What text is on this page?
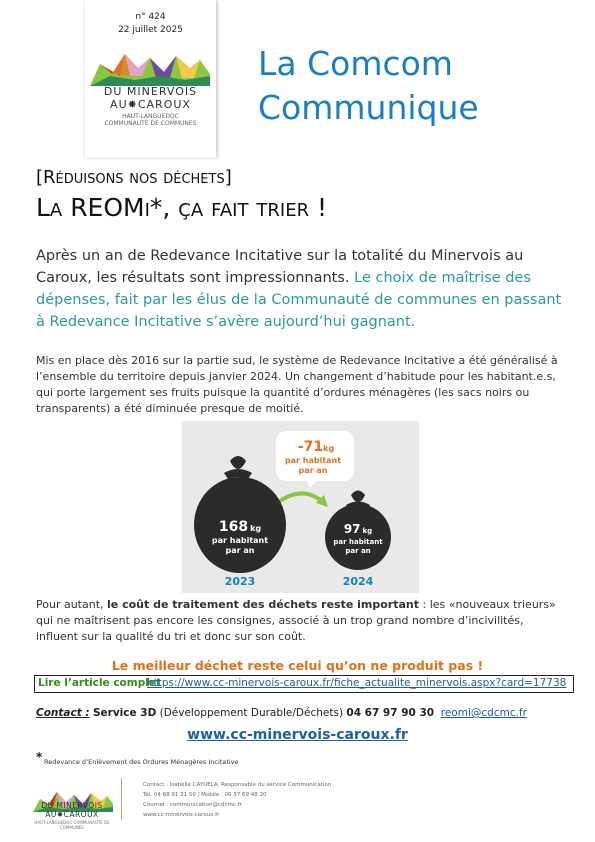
n° 424
22 juillet 2025
DU MINERVOIS
AU✸CAROUX
HAUT-LANGUEDOC
COMMUNAUTÉ DE COMMUNES
La Comcom
Communique
[Réduisons nos déchets]
La REOMi*, ça fait trier !
Après un an de Redevance Incitative sur la totalité du Minervois au Caroux, les résultats sont impressionnants. Le choix de maîtrise des dépenses, fait par les élus de la Communauté de communes en passant à Redevance Incitative s’avère aujourd’hui gagnant.
Mis en place dès 2016 sur la partie sud, le système de Redevance Incitative a été généralisé à l’ensemble du territoire depuis janvier 2024. Un changement d’habitude pour les habitant.e.s, qui porte largement ses fruits puisque la quantité d’ordures ménagères (les sacs noirs ou transparents) a été diminuée presque de moitié.
-71kg
par habitant
par an
168 kg
par habitant
par an
97 kg
par habitant
par an
2023	2024
Pour autant, le coût de traitement des déchets reste important : les «nouveaux trieurs» qui ne maîtrisent pas encore les consignes, associé à un trop grand nombre d’incivilités, influent sur la qualité du tri et donc sur son coût.
Le meilleur déchet reste celui qu’on ne produit pas !
Lire l’article complet
https://www.cc-minervois-caroux.fr/fiche_actualite_minervois.aspx?card=17738
Contact : Service 3D (Développement Durable/Déchets) 04 67 97 90 30 reomi@cdcmc.fr
www.cc-minervois-caroux.fr
* Redevance d’Enlèvement des Ordures Ménagères Incitative
DU MINERVOIS
AU✸CAROUX
HAUT-LANGUEDOC COMMUNAUTÉ DE COMMUNES
Contact : Isabelle CAYUELA, Responsable du service Communication
Tél. 04 68 91 31 50 / Mobile : 06 37 69 48 20
Courriel : communication@cdcmc.fr
www.cc-minervois-caroux.fr
